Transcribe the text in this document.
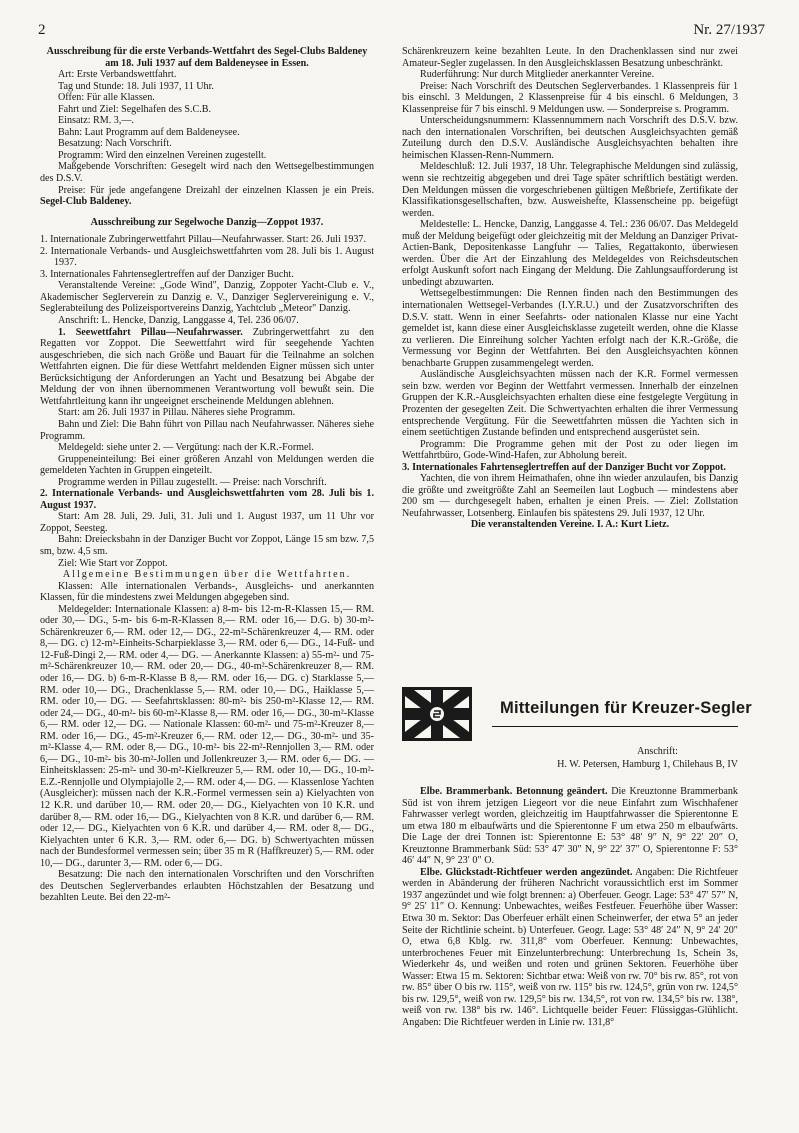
2	Nr. 27/1937

Ausschreibung für die erste Verbands-Wettfahrt des Segel-Clubs Baldeney am 18. Juli 1937 auf dem Baldeneysee in Essen.

Art: Erste Verbandswettfahrt.

Tag und Stunde: 18. Juli 1937, 11 Uhr.

Offen: Für alle Klassen.

Fahrt und Ziel: Segelhafen des S.C.B.

Einsatz: RM. 3,—.

Bahn: Laut Programm auf dem Baldeneysee.

Besatzung: Nach Vorschrift.

Programm: Wird den einzelnen Vereinen zugestellt.

Maßgebende Vorschriften: Gesegelt wird nach den Wettsegelbestimmungen des D.S.V.

Preise: Für jede angefangene Dreizahl der einzelnen Klassen je ein Preis. Segel-Club Baldeney.

Ausschreibung zur Segelwoche Danzig—Zoppot 1937.

1. Internationale Zubringerwettfahrt Pillau—Neufahrwasser. Start: 26. Juli 1937.
2. Internationale Verbands- und Ausgleichswettfahrten vom 28. Juli bis 1. August 1937.
3. Internationales Fahrtenseglertreffen auf der Danziger Bucht.

Veranstaltende Vereine: „Gode Wind", Danzig, Zoppoter Yacht-Club e. V., Akademischer Seglerverein zu Danzig e. V., Danziger Seglervereinigung e. V., Seglerabteilung des Polizeisportvereins Danzig, Yachtclub „Meteor" Danzig.

Anschrift: L. Hencke, Danzig, Langgasse 4, Tel. 236 06/07.

1. Seewettfahrt Pillau—Neufahrwasser. Zubringerwettfahrt zu den Regatten vor Zoppot. Die Seewettfahrt wird für seegehende Yachten ausgeschrieben, die sich nach Größe und Bauart für die Teilnahme an solchen Wettfahrten eignen. Die für diese Wettfahrt meldenden Eigner müssen sich unter Berücksichtigung der Anforderungen an Yacht und Besatzung bei Abgabe der Meldung der von ihnen übernommenen Verantwortung voll bewußt sein. Die Wettfahrtleitung kann ihr ungeeignet erscheinende Meldungen ablehnen.

Start: am 26. Juli 1937 in Pillau. Näheres siehe Programm.

Bahn und Ziel: Die Bahn führt von Pillau nach Neufahrwasser. Näheres siehe Programm.

Meldegeld: siehe unter 2. — Vergütung: nach der K.R.-Formel.

Gruppeneinteilung: Bei einer größeren Anzahl von Meldungen werden die gemeldeten Yachten in Gruppen eingeteilt.

Programme werden in Pillau zugestellt. — Preise: nach Vorschrift.

2. Internationale Verbands- und Ausgleichswettfahrten vom 28. Juli bis 1. August 1937.

Start: Am 28. Juli, 29. Juli, 31. Juli und 1. August 1937, um 11 Uhr vor Zoppot, Seesteg.

Bahn: Dreiecksbahn in der Danziger Bucht vor Zoppot, Länge 15 sm bzw. 7,5 sm, bzw. 4,5 sm.

Ziel: Wie Start vor Zoppot.

Allgemeine Bestimmungen über die Wettfahrten.

Klassen: Alle internationalen Verbands-, Ausgleichs- und anerkannten Klassen, für die mindestens zwei Meldungen abgegeben sind.

Meldegelder: Internationale Klassen: a) 8-m- bis 12-m-R-Klassen 15,— RM. oder 30,— DG., 5-m- bis 6-m-R-Klassen 8,— RM. oder 16,— D.G. b) 30-m²-Schärenkreuzer 6,— RM. oder 12,— DG., 22-m²-Schärenkreuzer 4,— RM. oder 8,— DG. c) 12-m²-Einheits-Scharpieklasse 3,— RM. oder 6,— DG., 14-Fuß- und 12-Fuß-Dingi 2,— RM. oder 4,— DG. — Anerkannte Klassen: a) 55-m²- und 75-m²-Schärenkreuzer 10,— RM. oder 20,— DG., 40-m²-Schärenkreuzer 8,— RM. oder 16,— DG. b) 6-m-R-Klasse B 8,— RM. oder 16,— DG. c) Starklasse 5,— RM. oder 10,— DG., Drachenklasse 5,— RM. oder 10,— DG., Haiklasse 5,— RM. oder 10,— DG. — Seefahrtsklassen: 80-m²- bis 250-m²-Klasse 12,— RM. oder 24,— DG., 40-m²- bis 60-m²-Klasse 8,— RM. oder 16,— DG., 30-m²-Klasse 6,— RM. oder 12,— DG. — Nationale Klassen: 60-m²- und 75-m²-Kreuzer 8,— RM. oder 16,— DG., 45-m²-Kreuzer 6,— RM. oder 12,— DG., 30-m²- und 35-m²-Klasse 4,— RM. oder 8,— DG., 10-m²- bis 22-m²-Rennjollen 3,— RM. oder 6,— DG., 10-m²- bis 30-m²-Jollen und Jollenkreuzer 3,— RM. oder 6,— DG. — Einheitsklassen: 25-m²- und 30-m²-Kielkreuzer 5,— RM. oder 10,— DG., 10-m²-E.Z.-Rennjolle und Olympiajolle 2,— RM. oder 4,— DG. — Klassenlose Yachten (Ausgleicher): müssen nach der K.R.-Formel vermessen sein a) Kielyachten von 12 K.R. und darüber 10,— RM. oder 20,— DG., Kielyachten von 10 K.R. und darüber 8,— RM. oder 16,— DG., Kielyachten von 8 K.R. und darüber 6,— RM. oder 12,— DG., Kielyachten von 6 K.R. und darüber 4,— RM. oder 8,— DG., Kielyachten unter 6 K.R. 3,— RM. oder 6,— DG. b) Schwertyachten müssen nach der Bundesformel vermessen sein; über 35 m R (Haffkreuzer) 5,— RM. oder 10,— DG., darunter 3,— RM. oder 6,— DG.

Besatzung: Die nach den internationalen Vorschriften und den Vorschriften des Deutschen Seglerverbandes erlaubten Höchstzahlen der Besatzung und bezahlten Leute. Bei den 22-m²-

Schärenkreuzern keine bezahlten Leute. In den Drachenklassen sind nur zwei Amateur-Segler zugelassen. In den Ausgleichsklassen Besatzung unbeschränkt.

Ruderführung: Nur durch Mitglieder anerkannter Vereine.

Preise: Nach Vorschrift des Deutschen Seglerverbandes. 1 Klassenpreis für 1 bis einschl. 3 Meldungen, 2 Klassenpreise für 4 bis einschl. 6 Meldungen, 3 Klassenpreise für 7 bis einschl. 9 Meldungen usw. — Sonderpreise s. Programm.

Unterscheidungsnummern: Klassennummern nach Vorschrift des D.S.V. bzw. nach den internationalen Vorschriften, bei deutschen Ausgleichsyachten gemäß Zuteilung durch den D.S.V. Ausländische Ausgleichsyachten behalten ihre heimischen Klassen-Renn-Nummern.

Meldeschluß: 12. Juli 1937, 18 Uhr. Telegraphische Meldungen sind zulässig, wenn sie rechtzeitig abgegeben und drei Tage später schriftlich bestätigt werden. Den Meldungen müssen die vorgeschriebenen gültigen Meßbriefe, Zertifikate der Klassifikationsgesellschaften, bzw. Ausweishefte, Klassenscheine pp. beigefügt werden.

Meldestelle: L. Hencke, Danzig, Langgasse 4. Tel.: 236 06/07. Das Meldegeld muß der Meldung beigefügt oder gleichzeitig mit der Meldung an Danziger Privat-Actien-Bank, Depositenkasse Langfuhr — Talies, Regattakonto, überwiesen werden. Über die Art der Einzahlung des Meldegeldes von Reichsdeutschen erfolgt Auskunft sofort nach Eingang der Meldung. Die Zahlungsaufforderung ist unbedingt abzuwarten.

Wettsegelbestimmungen: Die Rennen finden nach den Bestimmungen des internationalen Wettsegel-Verbandes (I.Y.R.U.) und der Zusatzvorschriften des D.S.V. statt. Wenn in einer Seefahrts- oder nationalen Klasse nur eine Yacht gemeldet ist, kann diese einer Ausgleichsklasse zugeteilt werden, ohne die Klasse zu verlieren. Die Einreihung solcher Yachten erfolgt nach der K.R.-Größe, die Vermessung vor Beginn der Wettfahrten. Bei den Ausgleichsyachten können benachbarte Gruppen zusammengelegt werden.

Ausländische Ausgleichsyachten müssen nach der K.R. Formel vermessen sein bzw. werden vor Beginn der Wettfahrt vermessen. Innerhalb der einzelnen Gruppen der K.R.-Ausgleichsyachten erhalten diese eine festgelegte Vergütung in Prozenten der gesegelten Zeit. Die Schwertyachten erhalten die ihrer Vermessung entsprechende Vergütung. Für die Seewettfahrten müssen die Yachten sich in einem seetüchtigen Zustande befinden und entsprechend ausgerüstet sein.

Programm: Die Programme gehen mit der Post zu oder liegen im Wettfahrtbüro, Gode-Wind-Hafen, zur Abholung bereit.

3. Internationales Fahrtenseglertreffen auf der Danziger Bucht vor Zoppot.

Yachten, die von ihrem Heimathafen, ohne ihn wieder anzulaufen, bis Danzig die größte und zweitgrößte Zahl an Seemeilen laut Logbuch — mindestens aber 200 sm — durchgesegelt haben, erhalten je einen Preis. — Ziel: Zollstation Neufahrwasser, Lotsenberg. Einlaufen bis spätestens 29. Juli 1937, 12 Uhr.

Die veranstaltenden Vereine. I. A.: Kurt Lietz.

Mitteilungen für Kreuzer-Segler

Anschrift:

H. W. Petersen, Hamburg 1, Chilehaus B, IV

Elbe. Brammerbank. Betonnung geändert. Die Kreuztonne Brammerbank Süd ist von ihrem jetzigen Liegeort vor die neue Einfahrt zum Wischhafener Fahrwasser verlegt worden, gleichzeitig im Hauptfahrwasser die Spierentonne E um etwa 180 m elbaufwärts und die Spierentonne F um etwa 250 m elbaufwärts. Die Lage der drei Tonnen ist: Spierentonne E: 53° 48′ 9″ N, 9° 22′ 20″ O, Kreuztonne Brammerbank Süd: 53° 47′ 30″ N, 9° 22′ 37″ O, Spierentonne F: 53° 46′ 44″ N, 9° 23′ 0″ O.

Elbe. Glückstadt-Richtfeuer werden angezündet. Angaben: Die Richtfeuer werden in Abänderung der früheren Nachricht voraussichtlich erst im Sommer 1937 angezündet und wie folgt brennen: a) Oberfeuer. Geogr. Lage: 53° 47′ 57″ N, 9° 25′ 11″ O. Kennung: Unbewachtes, weißes Festfeuer. Feuerhöhe über Wasser: Etwa 30 m. Sektor: Das Oberfeuer erhält einen Scheinwerfer, der etwa 5° an jeder Seite der Richtlinie scheint. b) Unterfeuer. Geogr. Lage: 53° 48′ 24″ N, 9° 24′ 20″ O, etwa 6,8 Kblg. rw. 311,8° vom Oberfeuer. Kennung: Unbewachtes, unterbrochenes Feuer mit Einzelunterbrechung: Unterbrechung 1s, Schein 3s, Wiederkehr 4s, und weißen und roten und grünen Sektoren. Feuerhöhe über Wasser: Etwa 15 m. Sektoren: Sichtbar etwa: Weiß von rw. 70° bis rw. 85°, rot von rw. 85° über O bis rw. 115°, weiß von rw. 115° bis rw. 124,5°, grün von rw. 124,5° bis rw. 129,5°, weiß von rw. 129,5° bis rw. 134,5°, rot von rw. 134,5° bis rw. 138°, weiß von rw. 138° bis rw. 146°. Lichtquelle beider Feuer: Flüssiggas-Glühlicht. Angaben: Die Richtfeuer werden in Linie rw. 131,8°
